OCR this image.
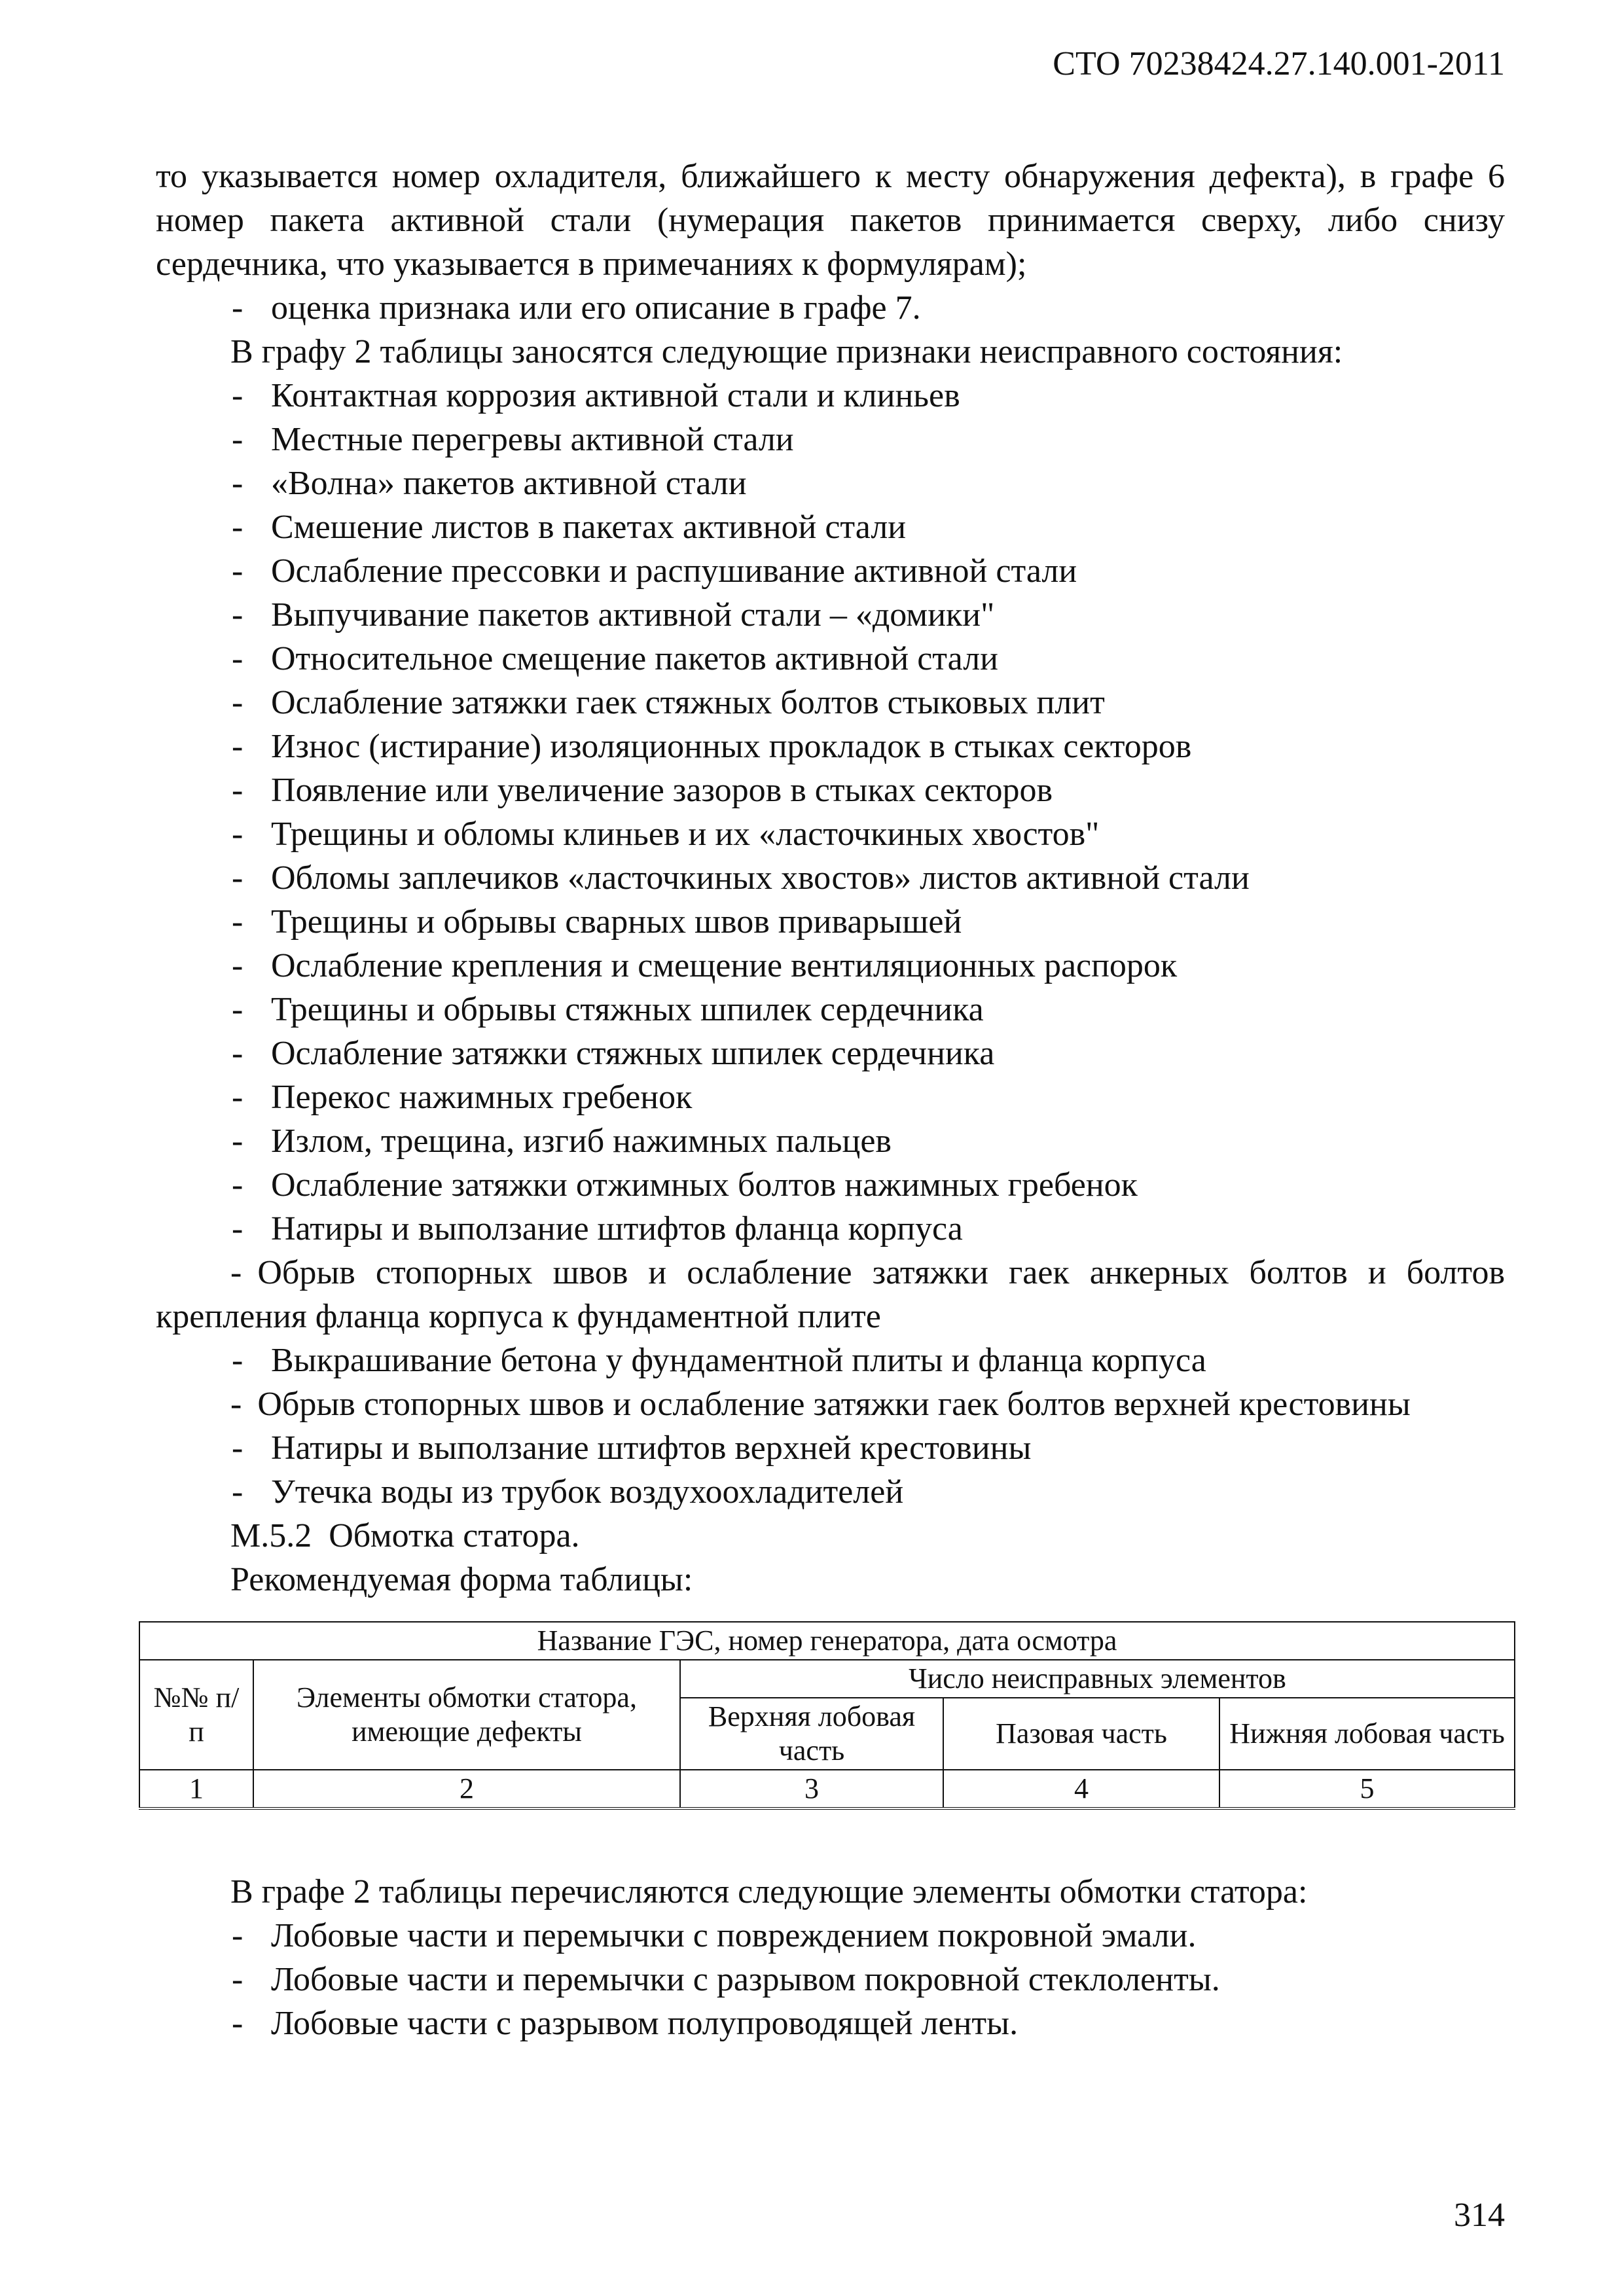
СТО 70238424.27.140.001-2011

то указывается номер охладителя, ближайшего к месту обнаружения дефекта), в графе 6 номер пакета активной стали (нумерация пакетов принимается сверху, либо снизу сердечника, что указывается в примечаниях к формулярам);

- оценка признака или его описание в графе 7.

В графу 2 таблицы заносятся следующие признаки неисправного состояния:

- Контактная коррозия активной стали и клиньев

- Местные перегревы активной стали

- «Волна» пакетов активной стали

- Смешение листов в пакетах активной стали

- Ослабление прессовки и распушивание активной стали

- Выпучивание пакетов активной стали – «домики"

- Относительное смещение пакетов активной стали

- Ослабление затяжки гаек стяжных болтов стыковых плит

- Износ (истирание) изоляционных прокладок в стыках секторов

- Появление или увеличение зазоров в стыках секторов

- Трещины и обломы клиньев и их «ласточкиных хвостов"

- Обломы заплечиков «ласточкиных хвостов» листов активной стали

- Трещины и обрывы сварных швов приварышей

- Ослабление крепления и смещение вентиляционных распорок

- Трещины и обрывы стяжных шпилек сердечника

- Ослабление затяжки стяжных шпилек сердечника

- Перекос нажимных гребенок

- Излом, трещина, изгиб нажимных пальцев

- Ослабление затяжки отжимных болтов нажимных гребенок

- Натиры и выползание штифтов фланца корпуса

- Обрыв стопорных швов и ослабление затяжки гаек анкерных болтов и болтов крепления фланца корпуса к фундаментной плите

- Выкрашивание бетона у фундаментной плиты и фланца корпуса

- Обрыв стопорных швов и ослабление затяжки гаек болтов верхней крестовины

- Натиры и выползание штифтов верхней крестовины

- Утечка воды из трубок воздухоохладителей

М.5.2 Обмотка статора.

Рекомендуемая форма таблицы:

Название ГЭС, номер генератора, дата осмотра				
№№ п/п	Элементы обмотки статора, имеющие дефекты	Число неисправных элементов		
		Верхняя лобовая часть	Пазовая часть	Нижняя лобовая часть
1	2	3	4	5

В графе 2 таблицы перечисляются следующие элементы обмотки статора:

- Лобовые части и перемычки с повреждением покровной эмали.

- Лобовые части и перемычки с разрывом покровной стеклоленты.

- Лобовые части с разрывом полупроводящей ленты.

314
